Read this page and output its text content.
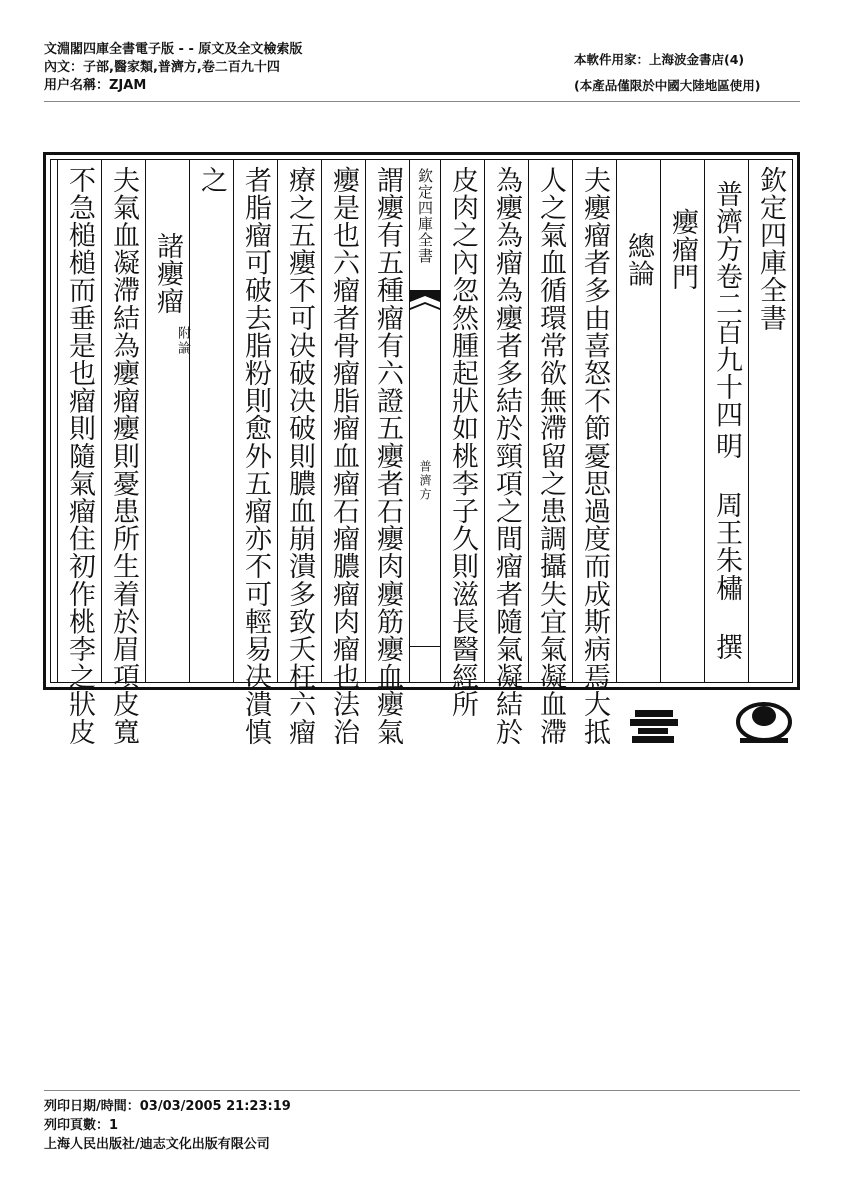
文淵閣四庫全書電子版 - - 原文及全文檢索版
內文：子部,醫家類,普濟方,卷二百九十四
用户名稱：ZJAM
本軟件用家：上海波金書店(4)
(本產品僅限於中國大陸地區使用)
欽定四庫全書
普濟方卷二百九十四
明 周王朱橚 撰
癭瘤門
總論
夫癭瘤者多由喜怒不節憂思過度而成斯病焉大抵
人之氣血循環常欲無滯留之患調攝失宜氣凝血滯
為癭為瘤為癭者多結於頸項之間瘤者隨氣凝結於
皮肉之內忽然腫起狀如桃李子久則滋長醫經所
欽定四庫全書
普濟方
謂癭有五種瘤有六證五癭者石癭肉癭筋癭血癭氣
癭是也六瘤者骨瘤脂瘤血瘤石瘤膿瘤肉瘤也法治
療之五癭不可决破决破則膿血崩潰多致夭枉六瘤
者脂瘤可破去脂粉則愈外五瘤亦不可輕易决潰慎
之
諸癭瘤
附論
夫氣血凝滯結為癭瘤癭則憂患所生着於眉項皮寬
不急槌槌而垂是也瘤則隨氣瘤住初作桃李之狀皮
列印日期/時間：03/03/2005 21:23:19
列印頁數：1
上海人民出版社/迪志文化出版有限公司
